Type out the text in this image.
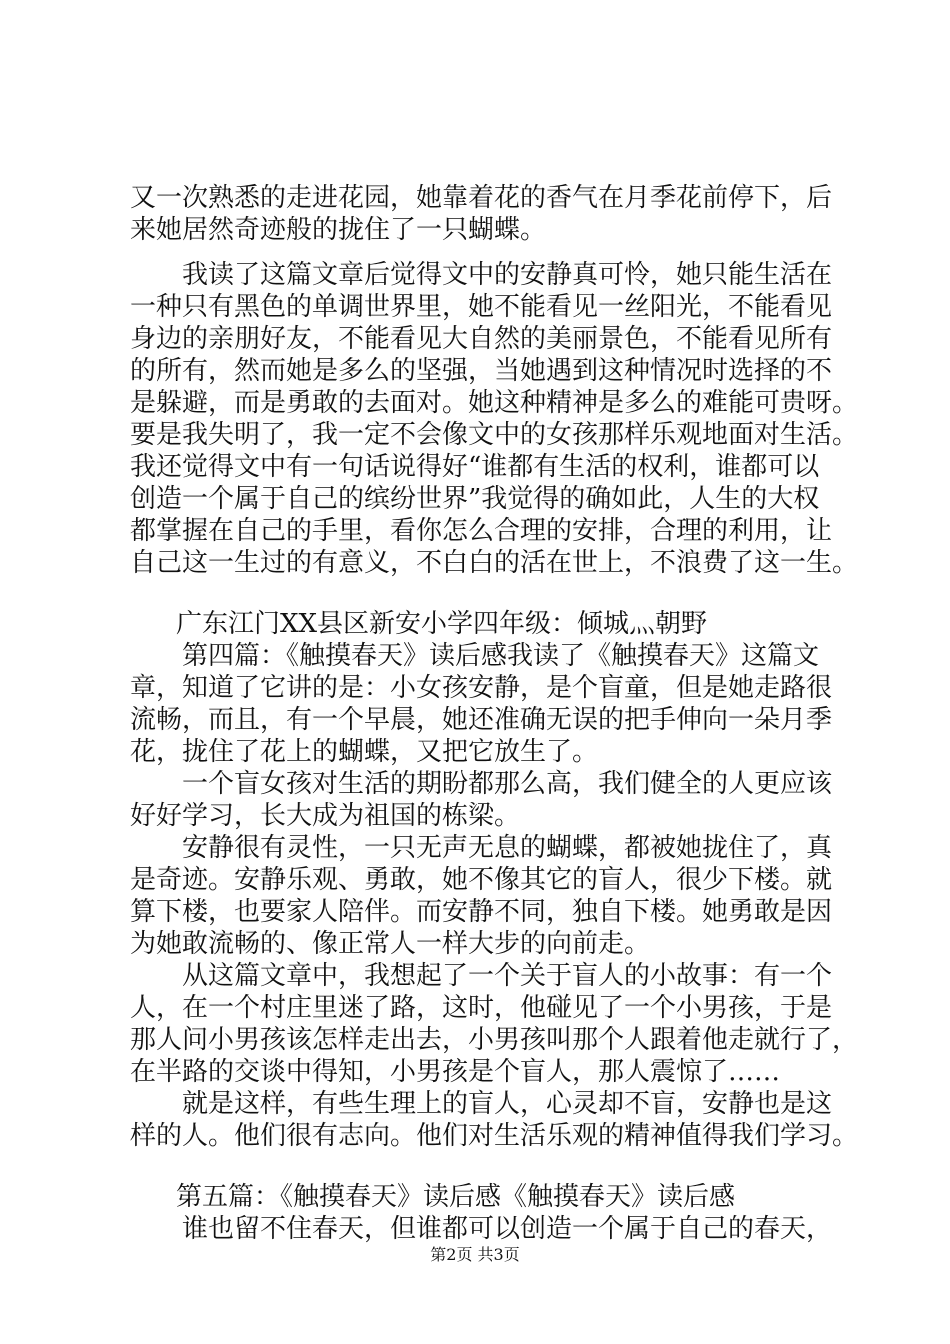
又一次熟悉的走进花园，她靠着花的香气在月季花前停下，后
来她居然奇迹般的拢住了一只蝴蝶。
我读了这篇文章后觉得文中的安静真可怜，她只能生活在
一种只有黑色的单调世界里，她不能看见一丝阳光，不能看见
身边的亲朋好友，不能看见大自然的美丽景色，不能看见所有
的所有，然而她是多么的坚强，当她遇到这种情况时选择的不
是躲避，而是勇敢的去面对。她这种精神是多么的难能可贵呀。
要是我失明了，我一定不会像文中的女孩那样乐观地面对生活。
我还觉得文中有一句话说得好“谁都有生活的权利，谁都可以
创造一个属于自己的缤纷世界”我觉得的确如此，人生的大权
都掌握在自己的手里，看你怎么合理的安排，合理的利用，让
自己这一生过的有意义，不白白的活在世上，不浪费了这一生。
广东江门XX县区新安小学四年级：倾城灬朝野
第四篇：《触摸春天》读后感我读了《触摸春天》这篇文
章，知道了它讲的是：小女孩安静，是个盲童，但是她走路很
流畅，而且，有一个早晨，她还准确无误的把手伸向一朵月季
花，拢住了花上的蝴蝶，又把它放生了。
一个盲女孩对生活的期盼都那么高，我们健全的人更应该
好好学习，长大成为祖国的栋梁。
安静很有灵性，一只无声无息的蝴蝶，都被她拢住了，真
是奇迹。安静乐观、勇敢，她不像其它的盲人，很少下楼。就
算下楼，也要家人陪伴。而安静不同，独自下楼。她勇敢是因
为她敢流畅的、像正常人一样大步的向前走。
从这篇文章中，我想起了一个关于盲人的小故事：有一个
人，在一个村庄里迷了路，这时，他碰见了一个小男孩，于是
那人问小男孩该怎样走出去，小男孩叫那个人跟着他走就行了，
在半路的交谈中得知，小男孩是个盲人，那人震惊了……
就是这样，有些生理上的盲人，心灵却不盲，安静也是这
样的人。他们很有志向。他们对生活乐观的精神值得我们学习。
第五篇：《触摸春天》读后感《触摸春天》读后感
谁也留不住春天，但谁都可以创造一个属于自己的春天，
第2页 共3页
